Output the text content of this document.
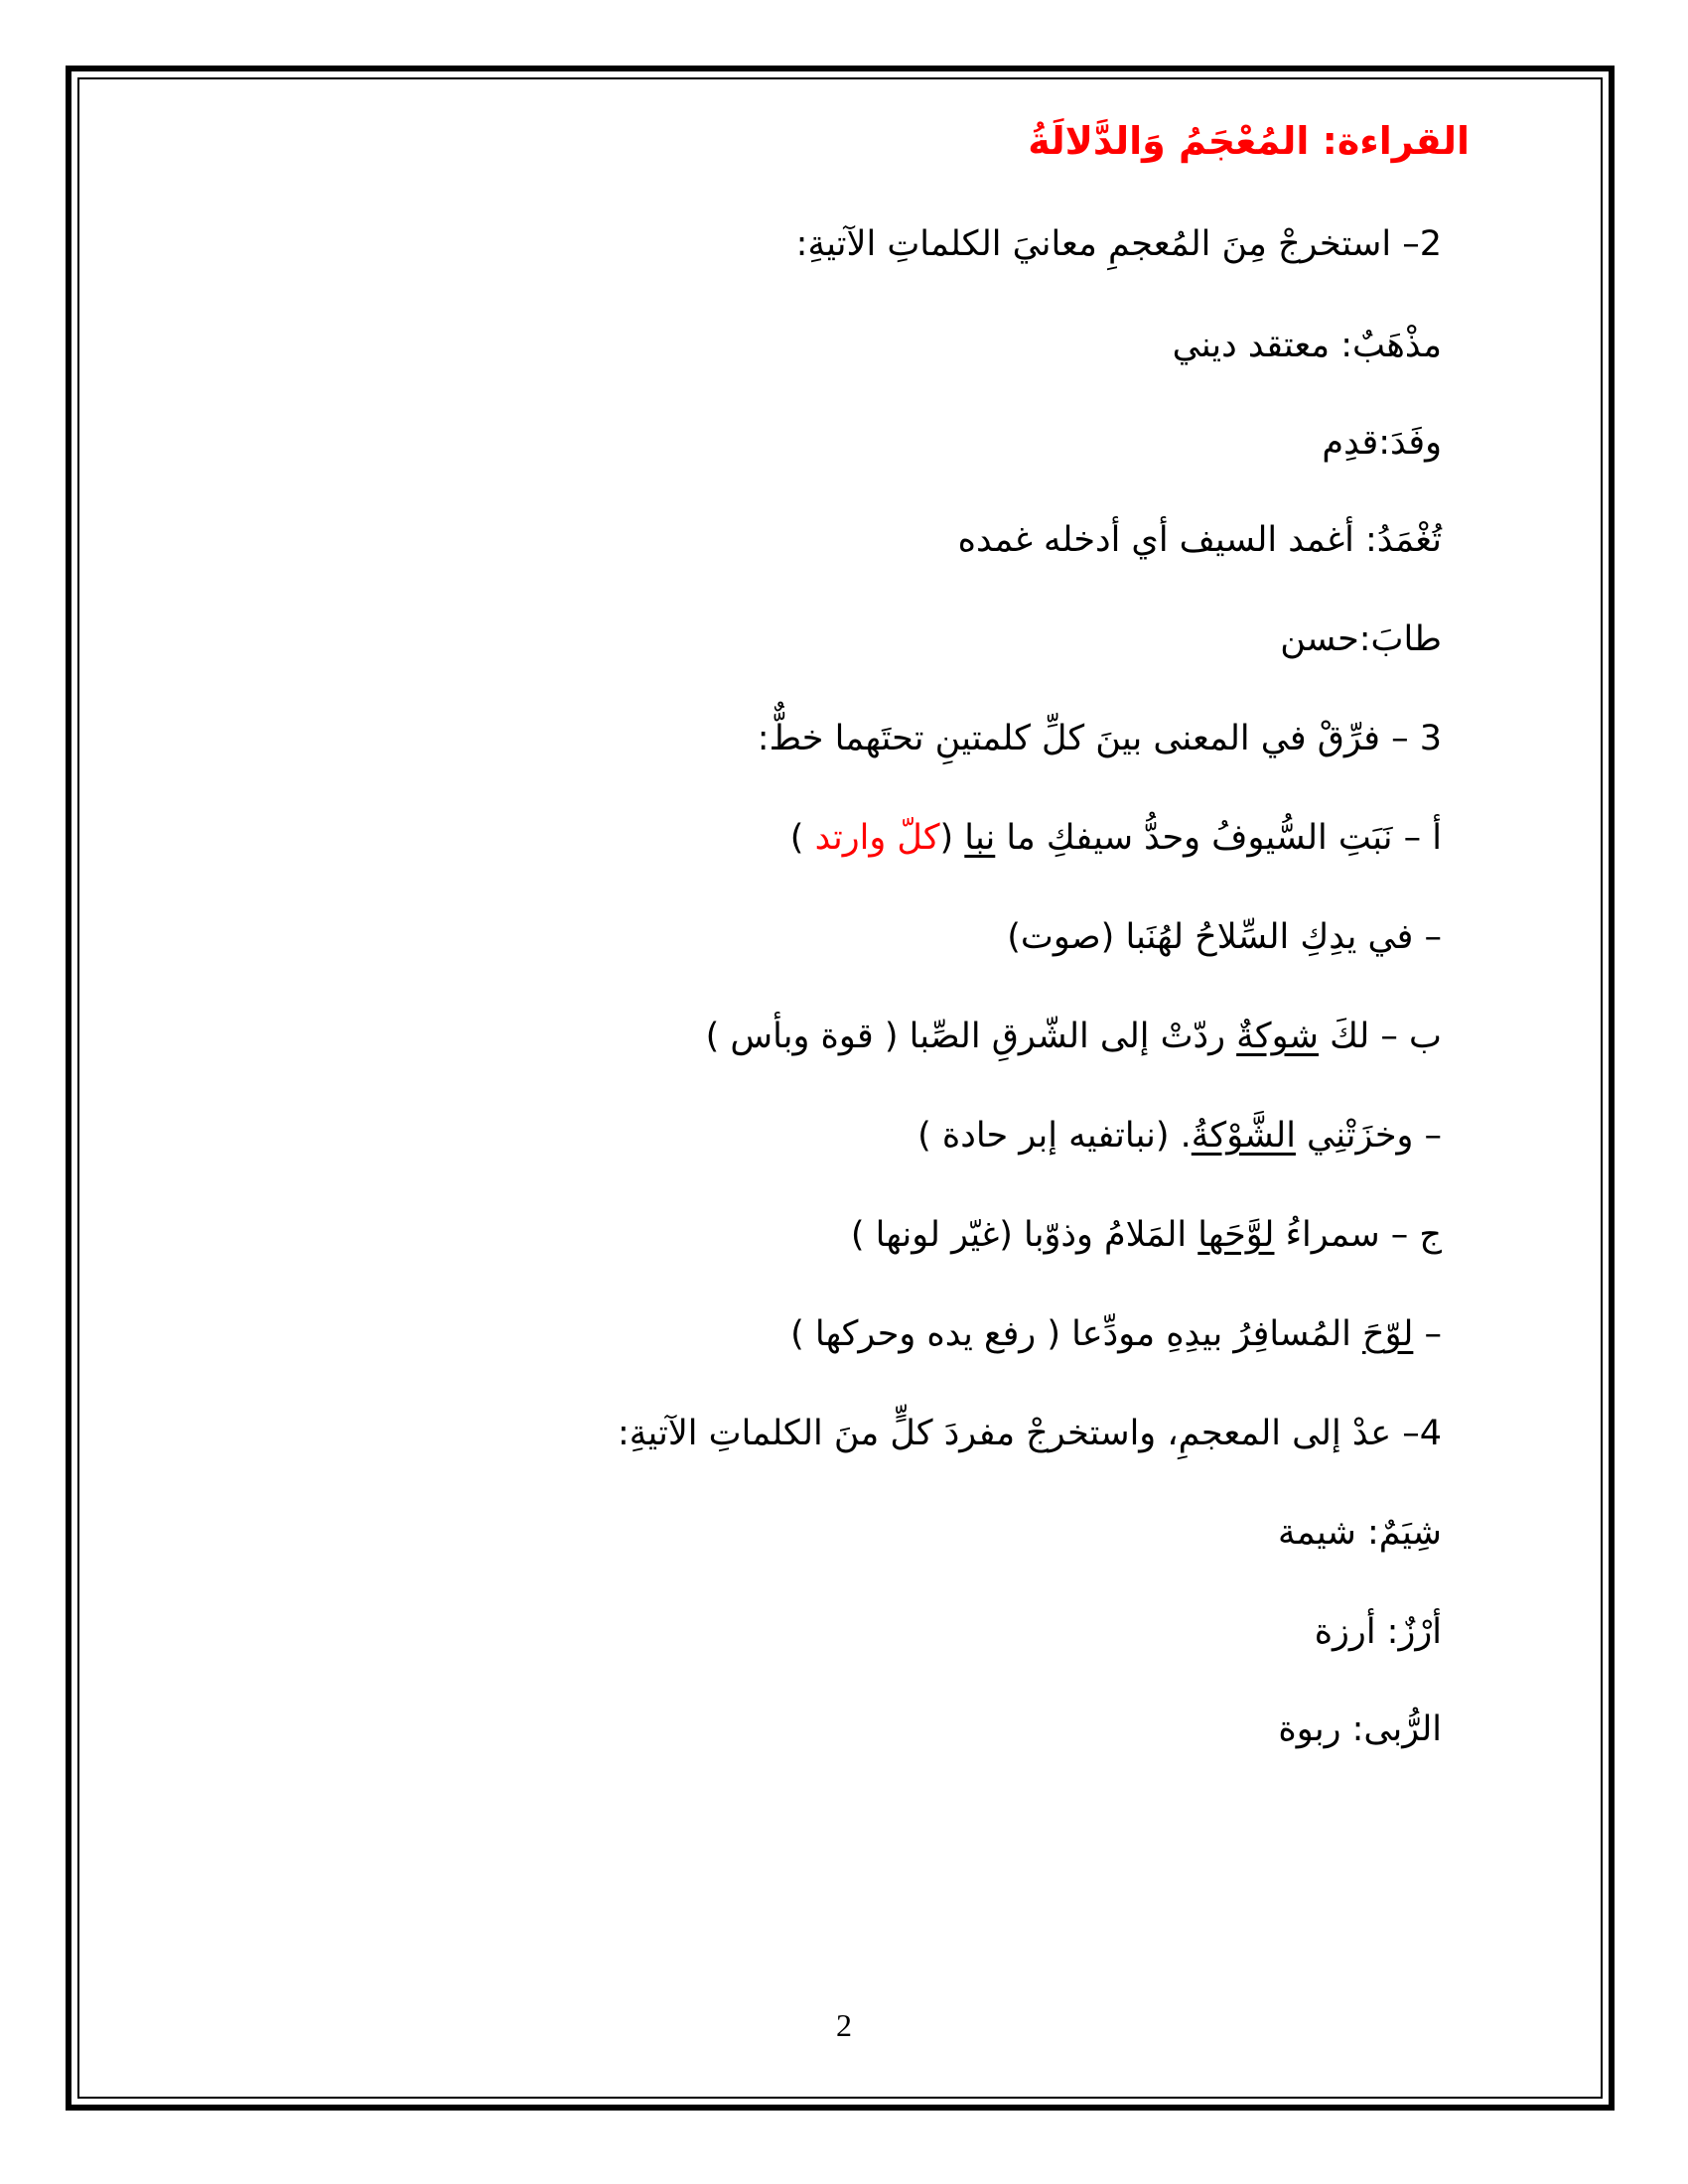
القراءة: المُعْجَمُ وَالدَّلالَةُ
2– استخرجْ مِنَ المُعجمِ معانيَ الكلماتِ الآتيةِ:
مذْهَبٌ: معتقد ديني
وفَدَ:قدِم
تُغْمَدُ: أغمد السيف أي أدخله غمده
طابَ:حسن
3 – فرِّقْ في المعنى بينَ كلِّ كلمتينِ تحتَهما خطٌّ:
أ – نَبَتِ السُّيوفُ وحدُّ سيفكِ ما نبا (كلّ وارتد )
– في يدِكِ السِّلاحُ لهُنَبا (صوت)
ب – لكَ شوكةٌ ردّتْ إلى الشّرقِ الصِّبا ( قوة وبأس )
– وخزَتْنِي الشَّوْكةُ. (نباتفيه إبر حادة )
ج – سمراءُ لوَّحَها المَلامُ وذوّبا (غيّر لونها )
– لوّحَ المُسافِرُ بيدِهِ مودِّعا ( رفع يده وحركها )
4– عدْ إلى المعجمِ، واستخرجْ مفردَ كلٍّ منَ الكلماتِ الآتيةِ:
شِيَمٌ: شيمة
أرْزٌ: أرزة
الرُّبى: ربوة
2
